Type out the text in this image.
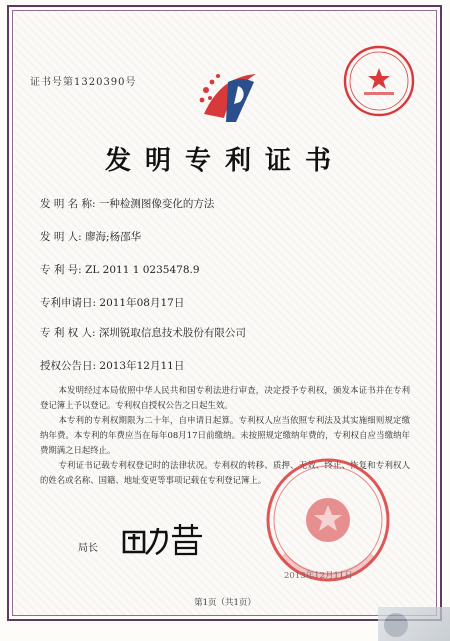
证书号第1320390号
发明专利证书
发 明 名 称: 一种检测图像变化的方法
发 明 人: 廖海;杨邵华
专 利 号: ZL 2011 1 0235478.9
专利申请日: 2011年08月17日
专 利 权 人: 深圳锐取信息技术股份有限公司
授权公告日: 2013年12月11日

本发明经过本局依照中华人民共和国专利法进行审查，决定授予专利权，颁发本证书并在专利登记簿上予以登记。专利权自授权公告之日起生效。

本专利的专利权期限为二十年，自申请日起算。专利权人应当依照专利法及其实施细则规定缴纳年费。本专利的年费应当在每年08月17日前缴纳。未按照规定缴纳年费的，专利权自应当缴纳年费期满之日起终止。

专利证书记载专利权登记时的法律状况。专利权的转移、质押、无效、终止、恢复和专利权人的姓名或名称、国籍、地址变更等事项记载在专利登记簿上。

局长
2013年12月11日
第1页（共1页）
